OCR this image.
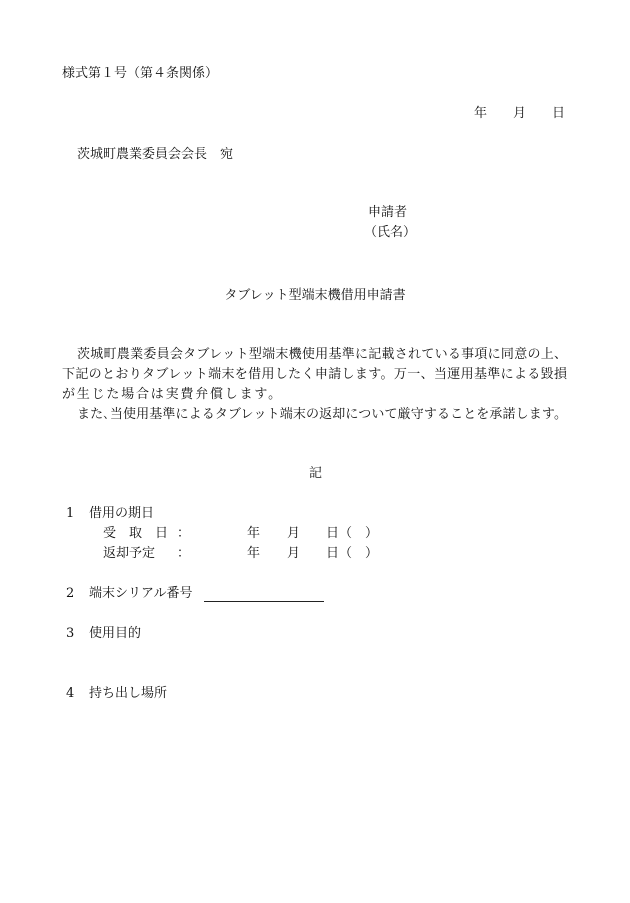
様式第１号（第４条関係）
年 月 日
茨城町農業委員会会長　宛
申請者
（氏名）
タブレット型端末機借用申請書
茨城町農業委員会タブレット型端末機使用基準に記載されている事項に同意の上、
下記のとおりタブレット端末を借用したく申請します。万一、当運用基準による毀損
が生じた場合は実費弁償します。
また､当使用基準によるタブレット端末の返却について厳守することを承諾します。
記
1	借用の期日
受　取　日 ：	年	月	日（　）
返却予定	：	年	月	日（　）
2	端末シリアル番号
3	使用目的
4	持ち出し場所
